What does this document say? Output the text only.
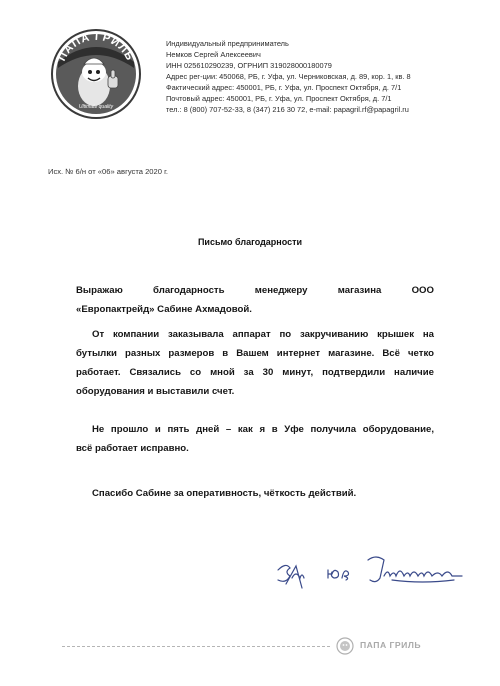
ПАПА ГРИЛЬ
Ultimate quality
Индивидуальный предприниматель
Немков Сергей Алексеевич
ИНН 025610290239, ОГРНИП 319028000180079
Адрес рег-ции: 450068, РБ, г. Уфа, ул. Черниковская, д. 89, кор. 1, кв. 8
Фактический адрес: 450001, РБ, г. Уфа, ул. Проспект Октября, д. 7/1
Почтовый адрес: 450001, РБ, г. Уфа, ул. Проспект Октября, д. 7/1
тел.: 8 (800) 707-52-33, 8 (347) 216 30 72, e-mail: papagril.rf@papagril.ru
Исх. № 6/н от «06» августа 2020 г.
Письмо благодарности
Выражаю благодарность менеджеру магазина ООО
«Европактрейд» Сабине Ахмадовой.
От компании заказывала аппарат по закручиванию крышек на
бутылки разных размеров в Вашем интернет магазине. Всё четко
работает. Связались со мной за 30 минут, подтвердили наличие
оборудования и выставили счет.
Не прошло и пять дней – как я в Уфе получила оборудование,
всё работает исправно.
Спасибо Сабине за оперативность, чёткость действий.
ПАПА ГРИЛЬ
